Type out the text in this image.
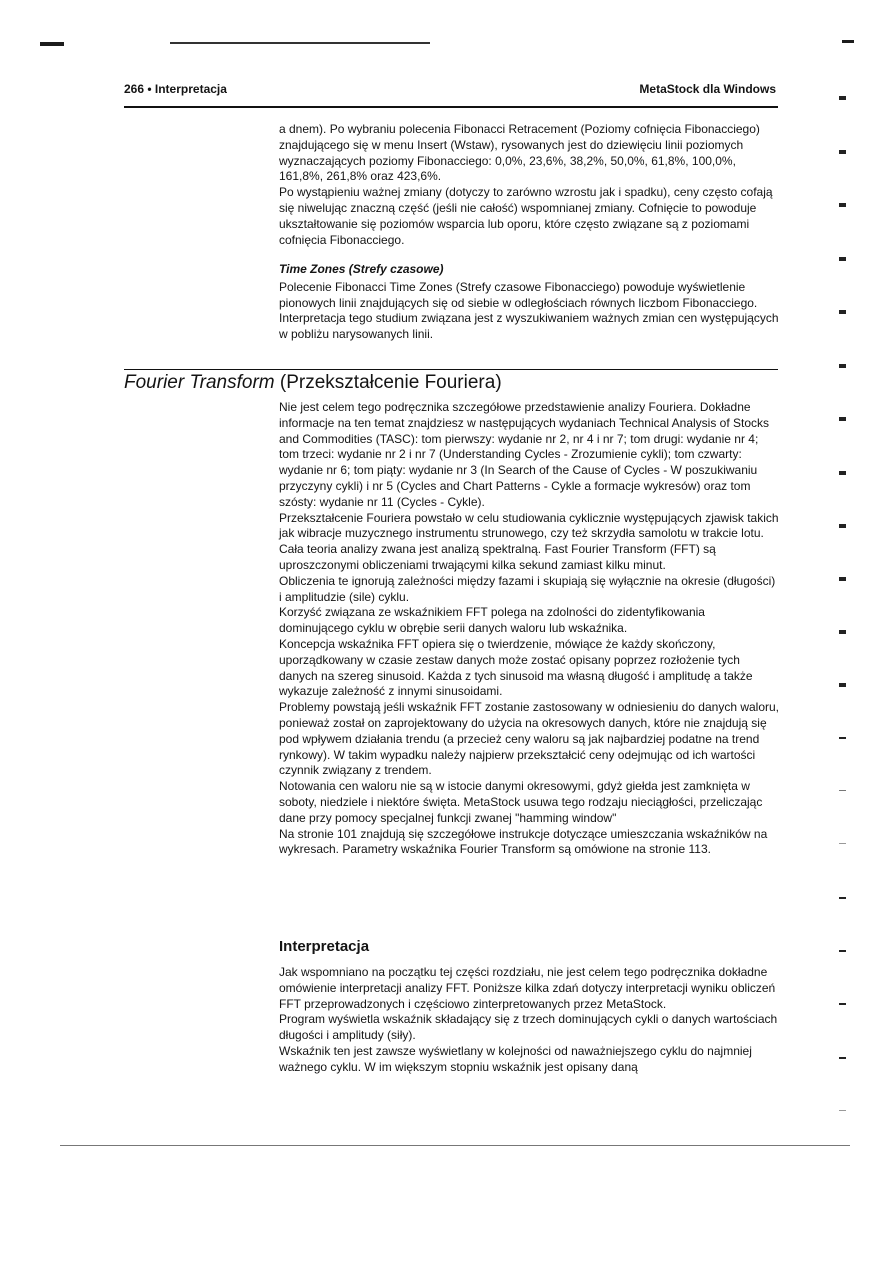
266 • Interpretacja	MetaStock dla Windows

a dnem). Po wybraniu polecenia Fibonacci Retracement (Poziomy cofnięcia Fibonacciego) znajdującego się w menu Insert (Wstaw), rysowanych jest do dziewięciu linii poziomych wyznaczających poziomy Fibonacciego: 0,0%, 23,6%, 38,2%, 50,0%, 61,8%, 100,0%, 161,8%, 261,8% oraz 423,6%.

Po wystąpieniu ważnej zmiany (dotyczy to zarówno wzrostu jak i spadku), ceny często cofają się niwelując znaczną część (jeśli nie całość) wspomnianej zmiany. Cofnięcie to powoduje ukształtowanie się poziomów wsparcia lub oporu, które często związane są z poziomami cofnięcia Fibonacciego.

Time Zones (Strefy czasowe)

Polecenie Fibonacci Time Zones (Strefy czasowe Fibonacciego) powoduje wyświetlenie pionowych linii znajdujących się od siebie w odległościach równych liczbom Fibonacciego. Interpretacja tego studium związana jest z wyszukiwaniem ważnych zmian cen występujących w pobliżu narysowanych linii.

Fourier Transform (Przekształcenie Fouriera)

Nie jest celem tego podręcznika szczegółowe przedstawienie analizy Fouriera. Dokładne informacje na ten temat znajdziesz w następujących wydaniach Technical Analysis of Stocks and Commodities (TASC): tom pierwszy: wydanie nr 2, nr 4 i nr 7; tom drugi: wydanie nr 4; tom trzeci: wydanie nr 2 i nr 7 (Understanding Cycles - Zrozumienie cykli); tom czwarty: wydanie nr 6; tom piąty: wydanie nr 3 (In Search of the Cause of Cycles - W poszukiwaniu przyczyny cykli) i nr 5 (Cycles and Chart Patterns - Cykle a formacje wykresów) oraz tom szósty: wydanie nr 11 (Cycles - Cykle).

Przekształcenie Fouriera powstało w celu studiowania cyklicznie występujących zjawisk takich jak wibracje muzycznego instrumentu strunowego, czy też skrzydła samolotu w trakcie lotu.

Cała teoria analizy zwana jest analizą spektralną. Fast Fourier Transform (FFT) są uproszczonymi obliczeniami trwającymi kilka sekund zamiast kilku minut.

Obliczenia te ignorują zależności między fazami i skupiają się wyłącznie na okresie (długości) i amplitudzie (sile) cyklu.

Korzyść związana ze wskaźnikiem FFT polega na zdolności do zidentyfikowania dominującego cyklu w obrębie serii danych waloru lub wskaźnika.

Koncepcja wskaźnika FFT opiera się o twierdzenie, mówiące że każdy skończony, uporządkowany w czasie zestaw danych może zostać opisany poprzez rozłożenie tych danych na szereg sinusoid. Każda z tych sinusoid ma własną długość i amplitudę a także wykazuje zależność z innymi sinusoidami.

Problemy powstają jeśli wskaźnik FFT zostanie zastosowany w odniesieniu do danych waloru, ponieważ został on zaprojektowany do użycia na okresowych danych, które nie znajdują się pod wpływem działania trendu (a przecież ceny waloru są jak najbardziej podatne na trend rynkowy). W takim wypadku należy najpierw przekształcić ceny odejmując od ich wartości czynnik związany z trendem.

Notowania cen waloru nie są w istocie danymi okresowymi, gdyż giełda jest zamknięta w soboty, niedziele i niektóre święta. MetaStock usuwa tego rodzaju nieciągłości, przeliczając dane przy pomocy specjalnej funkcji zwanej "hamming window"

Na stronie 101 znajdują się szczegółowe instrukcje dotyczące umieszczania wskaźników na wykresach. Parametry wskaźnika Fourier Transform są omówione na stronie 113.

Interpretacja

Jak wspomniano na początku tej części rozdziału, nie jest celem tego podręcznika dokładne omówienie interpretacji analizy FFT. Poniższe kilka zdań dotyczy interpretacji wyniku obliczeń FFT przeprowadzonych i częściowo zinterpretowanych przez MetaStock.

Program wyświetla wskaźnik składający się z trzech dominujących cykli o danych wartościach długości i amplitudy (siły).

Wskaźnik ten jest zawsze wyświetlany w kolejności od naważniejszego cyklu do najmniej ważnego cyklu. W im większym stopniu wskaźnik jest opisany daną
